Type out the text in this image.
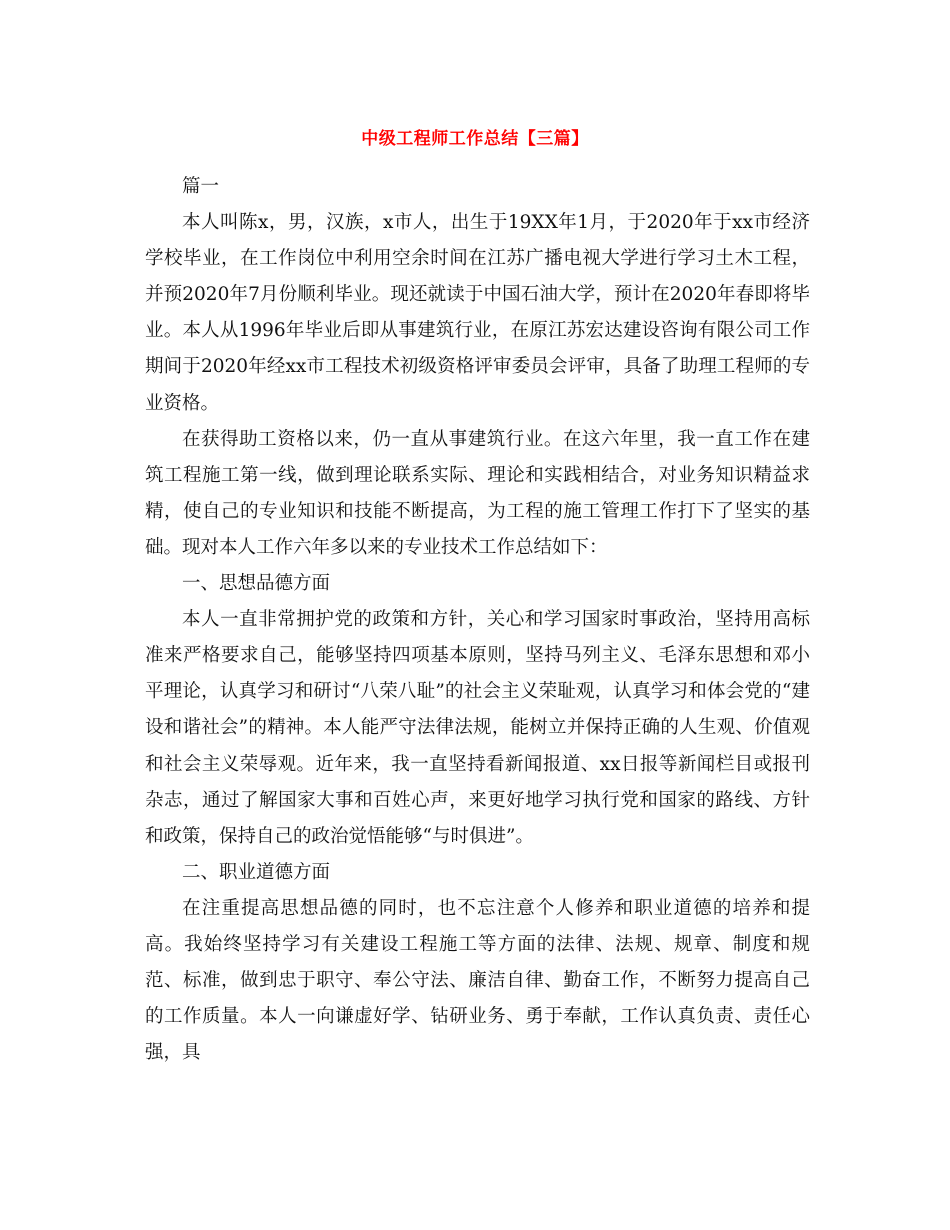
中级工程师工作总结【三篇】

篇一

本人叫陈x，男，汉族，x市人，出生于19XX年1月，于2020年于xx市经济学校毕业，在工作岗位中利用空余时间在江苏广播电视大学进行学习土木工程，并预2020年7月份顺利毕业。现还就读于中国石油大学，预计在2020年春即将毕业。本人从1996年毕业后即从事建筑行业，在原江苏宏达建设咨询有限公司工作期间于2020年经xx市工程技术初级资格评审委员会评审，具备了助理工程师的专业资格。

在获得助工资格以来，仍一直从事建筑行业。在这六年里，我一直工作在建筑工程施工第一线，做到理论联系实际、理论和实践相结合，对业务知识精益求精，使自己的专业知识和技能不断提高，为工程的施工管理工作打下了坚实的基础。现对本人工作六年多以来的专业技术工作总结如下：

一、思想品德方面

本人一直非常拥护党的政策和方针，关心和学习国家时事政治，坚持用高标准来严格要求自己，能够坚持四项基本原则，坚持马列主义、毛泽东思想和邓小平理论，认真学习和研讨“八荣八耻”的社会主义荣耻观，认真学习和体会党的“建设和谐社会”的精神。本人能严守法律法规，能树立并保持正确的人生观、价值观和社会主义荣辱观。近年来，我一直坚持看新闻报道、xx日报等新闻栏目或报刊杂志，通过了解国家大事和百姓心声，来更好地学习执行党和国家的路线、方针和政策，保持自己的政治觉悟能够“与时俱进”。

二、职业道德方面

在注重提高思想品德的同时，也不忘注意个人修养和职业道德的培养和提高。我始终坚持学习有关建设工程施工等方面的法律、法规、规章、制度和规范、标准，做到忠于职守、奉公守法、廉洁自律、勤奋工作，不断努力提高自己的工作质量。本人一向谦虚好学、钻研业务、勇于奉献，工作认真负责、责任心强，具
